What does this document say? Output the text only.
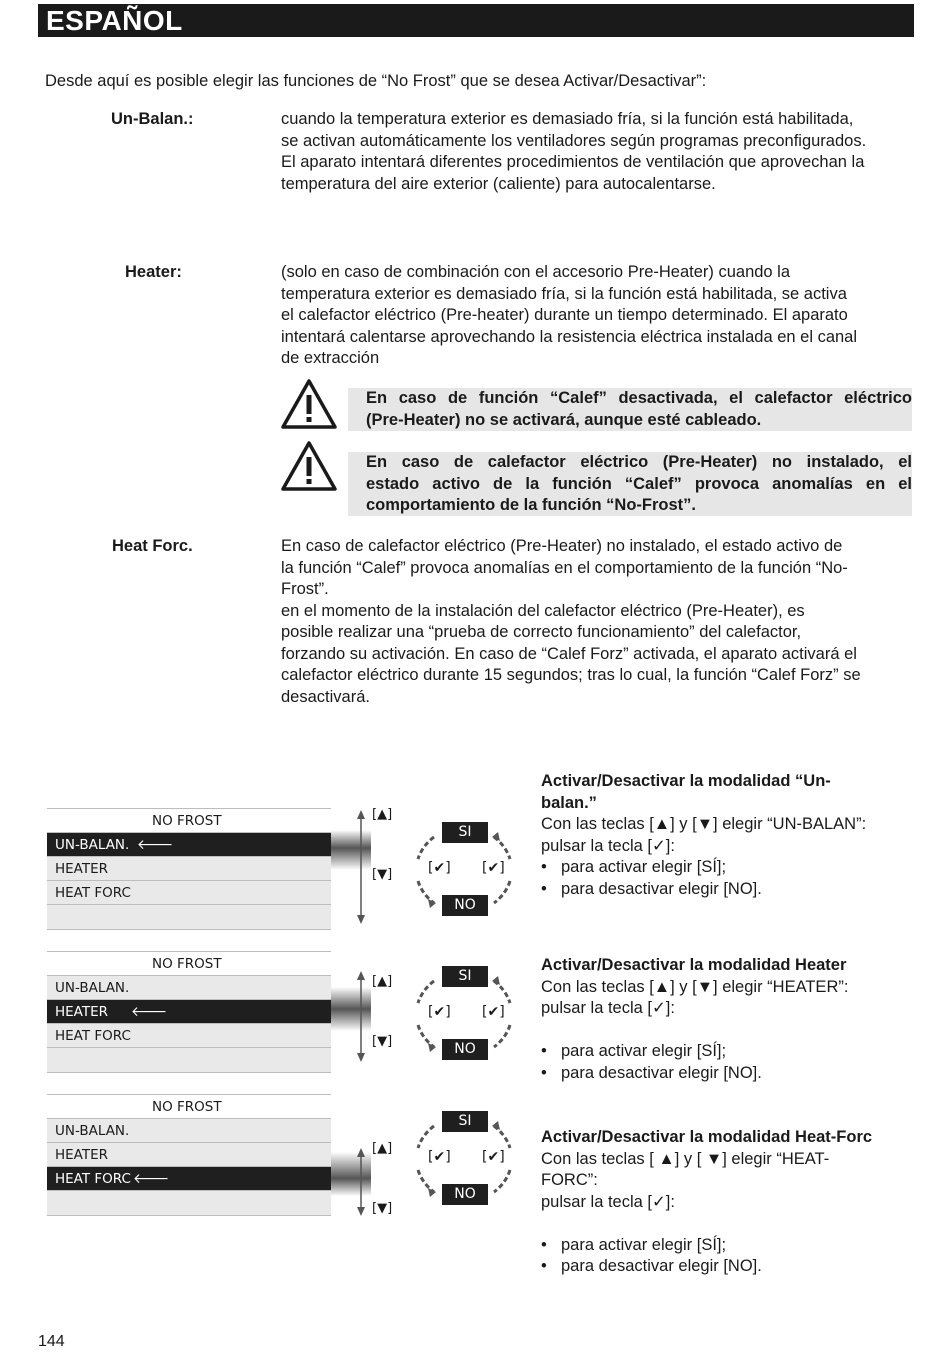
ESPAÑOL
Desde aquí es posible elegir las funciones de “No Frost” que se desea Activar/Desactivar”:
Un-Balan.:	cuando la temperatura exterior es demasiado fría, si la función está habilitada,
se activan automáticamente los ventiladores según programas preconfigurados.
El aparato intentará diferentes procedimientos de ventilación que aprovechan la
temperatura del aire exterior (caliente) para autocalentarse.
Heater:	(solo en caso de combinación con el accesorio Pre-Heater) cuando la
temperatura exterior es demasiado fría, si la función está habilitada, se activa
el calefactor eléctrico (Pre-heater) durante un tiempo determinado. El aparato
intentará calentarse aprovechando la resistencia eléctrica instalada en el canal
de extracción
En caso de función “Calef” desactivada, el calefactor eléctrico
(Pre-Heater) no se activará, aunque esté cableado.
En caso de calefactor eléctrico (Pre-Heater) no instalado, el
estado activo de la función “Calef” provoca anomalías en el
comportamiento de la función “No-Frost”.
Heat Forc.	En caso de calefactor eléctrico (Pre-Heater) no instalado, el estado activo de
la función “Calef” provoca anomalías en el comportamiento de la función “No-
Frost”.
en el momento de la instalación del calefactor eléctrico (Pre-Heater), es
posible realizar una “prueba de correcto funcionamiento” del calefactor,
forzando su activación. En caso de “Calef Forz” activada, el aparato activará el
calefactor eléctrico durante 15 segundos; tras lo cual, la función “Calef Forz” se
desactivará.
NO FROST
UN-BALAN. 🡐
HEATER
HEAT FORC
NO FROST
UN-BALAN.
HEATER 🡐
HEAT FORC
NO FROST
UN-BALAN.
HEATER
HEAT FORC 🡐
[▲]
[▼]
[▲]
[▼]
[▲]
[▼]
SI
NO
[✔] [✔]
SI
NO
[✔] [✔]
SI
NO
[✔] [✔]
Activar/Desactivar la modalidad “Un-
balan.”
Con las teclas [▲] y [▼] elegir “UN-BALAN”:
pulsar la tecla [✓]:
• para activar elegir [SÍ];
• para desactivar elegir [NO].
Activar/Desactivar la modalidad Heater
Con las teclas [▲] y [▼] elegir “HEATER”:
pulsar la tecla [✓]:
• para activar elegir [SÍ];
• para desactivar elegir [NO].
Activar/Desactivar la modalidad Heat-Forc
Con las teclas [ ▲] y [ ▼] elegir “HEAT-
FORC”:
pulsar la tecla [✓]:
• para activar elegir [SÍ];
• para desactivar elegir [NO].
144
